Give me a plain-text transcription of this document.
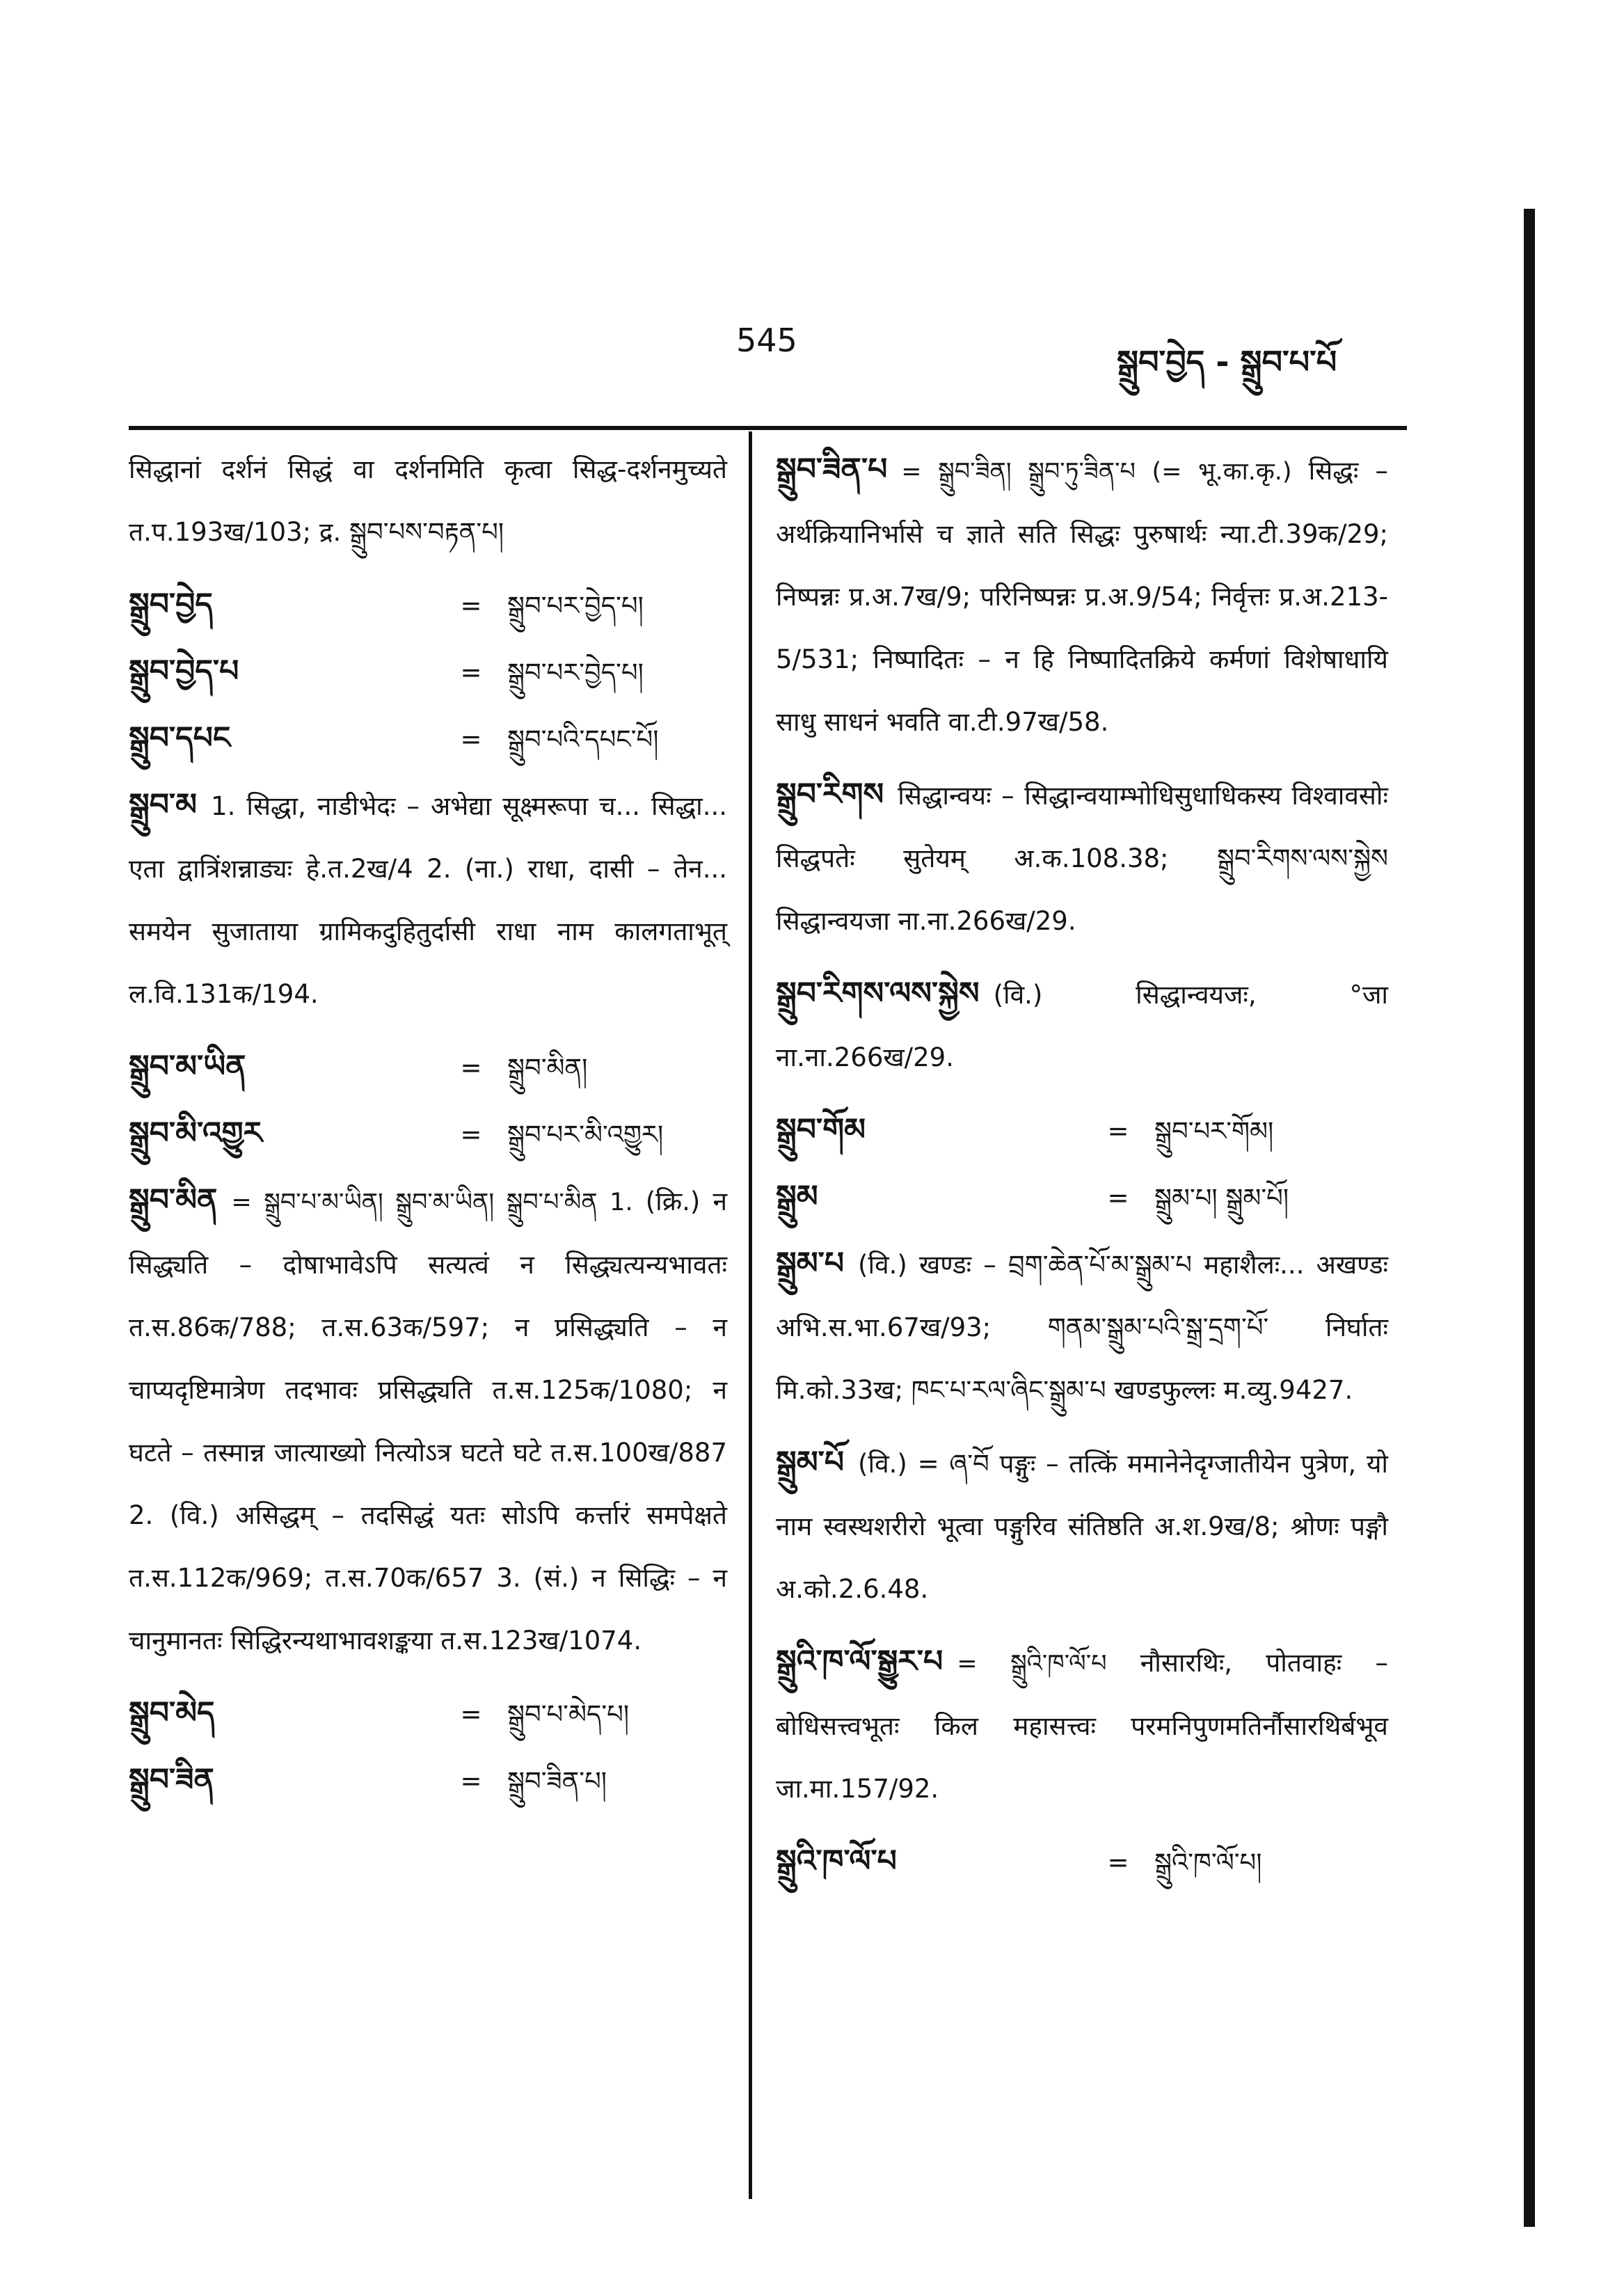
545
སྒྲུབ་བྱེད - སྒྲུབ་པ་པོ
सिद्धानां दर्शनं सिद्धं वा दर्शनमिति कृत्वा सिद्ध-दर्शनमुच्यते त.प.193ख/103; द्र. སྒྲུབ་པས་བརྟན་པ།
སྒྲུབ་བྱེད	= སྒྲུབ་པར་བྱེད་པ།
སྒྲུབ་བྱེད་པ	= སྒྲུབ་པར་བྱེད་པ།
སྒྲུབ་དཔང	= སྒྲུབ་པའི་དཔང་པོ།
སྒྲུབ་མ 1. सिद्धा, नाडीभेदः – अभेद्या सूक्ष्मरूपा च... सिद्धा... एता द्वात्रिंशन्नाड्यः हे.त.2ख/4 2. (ना.) राधा, दासी – तेन... समयेन सुजाताया ग्रामिकदुहितुर्दासी राधा नाम कालगताभूत् ल.वि.131क/194.
སྒྲུབ་མ་ཡིན	= སྒྲུབ་མིན།
སྒྲུབ་མི་འགྱུར	= སྒྲུབ་པར་མི་འགྱུར།
སྒྲུབ་མིན = སྒྲུབ་པ་མ་ཡིན། སྒྲུབ་མ་ཡིན། སྒྲུབ་པ་མིན 1. (क्रि.) न सिद्ध्यति – दोषाभावेऽपि सत्यत्वं न सिद्ध्यत्यन्यभावतः त.स.86क/788; त.स.63क/597; न प्रसिद्ध्यति – न चाप्यदृष्टिमात्रेण तदभावः प्रसिद्ध्यति त.स.125क/1080; न घटते – तस्मान्न जात्याख्यो नित्योऽत्र घटते घटे त.स.100ख/887 2. (वि.) असिद्धम् – तदसिद्धं यतः सोऽपि कर्त्तारं समपेक्षते त.स.112क/969; त.स.70क/657 3. (सं.) न सिद्धिः – न चानुमानतः सिद्धिरन्यथाभावशङ्कया त.स.123ख/1074.
སྒྲུབ་མེད	= སྒྲུབ་པ་མེད་པ།
སྒྲུབ་ཟིན	= སྒྲུབ་ཟིན་པ།
སྒྲུབ་ཟིན་པ = སྒྲུབ་ཟིན། སྒྲུབ་ཏུ་ཟིན་པ (= भू.का.कृ.) सिद्धः – अर्थक्रियानिर्भासे च ज्ञाते सति सिद्धः पुरुषार्थः न्या.टी.39क/29; निष्पन्नः प्र.अ.7ख/9; परिनिष्पन्नः प्र.अ.9/54; निर्वृत्तः प्र.अ.213-5/531; निष्पादितः – न हि निष्पादितक्रिये कर्मणां विशेषाधायि साधु साधनं भवति वा.टी.97ख/58.
སྒྲུབ་རིགས सिद्धान्वयः – सिद्धान्वयाम्भोधिसुधाधिकस्य विश्वावसोः सिद्धपतेः सुतेयम् अ.क.108.38; སྒྲུབ་རིགས་ལས་སྐྱེས सिद्धान्वयजा ना.ना.266ख/29.
སྒྲུབ་རིགས་ལས་སྐྱེས (वि.) सिद्धान्वयजः, °जा ना.ना.266ख/29.
སྒྲུབ་གོམ	= སྒྲུབ་པར་གོམ།
སྒྲུམ	= སྒྲུམ་པ། སྒྲུམ་པོ།
སྒྲུམ་པ (वि.) खण्डः – བྲག་ཆེན་པོ་མ་སྒྲུམ་པ महाशैलः... अखण्डः अभि.स.भा.67ख/93; གནམ་སྒྲུམ་པའི་སྒྲ་དྲག་པོ་ निर्घातः मि.को.33ख; ཁང་པ་རལ་ཞིང་སྒྲུམ་པ खण्डफुल्लः म.व्यु.9427.
སྒྲུམ་པོ (वि.) = ཞ་བོ पङ्गुः – तत्किं ममानेनेदृग्जातीयेन पुत्रेण, यो नाम स्वस्थशरीरो भूत्वा पङ्गुरिव संतिष्ठति अ.श.9ख/8; श्रोणः पङ्गौ अ.को.2.6.48.
སྒྲུའི་ཁ་ལོ་སྒྱུར་པ = སྒྲུའི་ཁ་ལོ་པ नौसारथिः, पोतवाहः – बोधिसत्त्वभूतः किल महासत्त्वः परमनिपुणमतिर्नौसारथिर्बभूव जा.मा.157/92.
སྒྲུའི་ཁ་ལོ་པ	= སྒྲུའི་ཁ་ལོ་པ།
